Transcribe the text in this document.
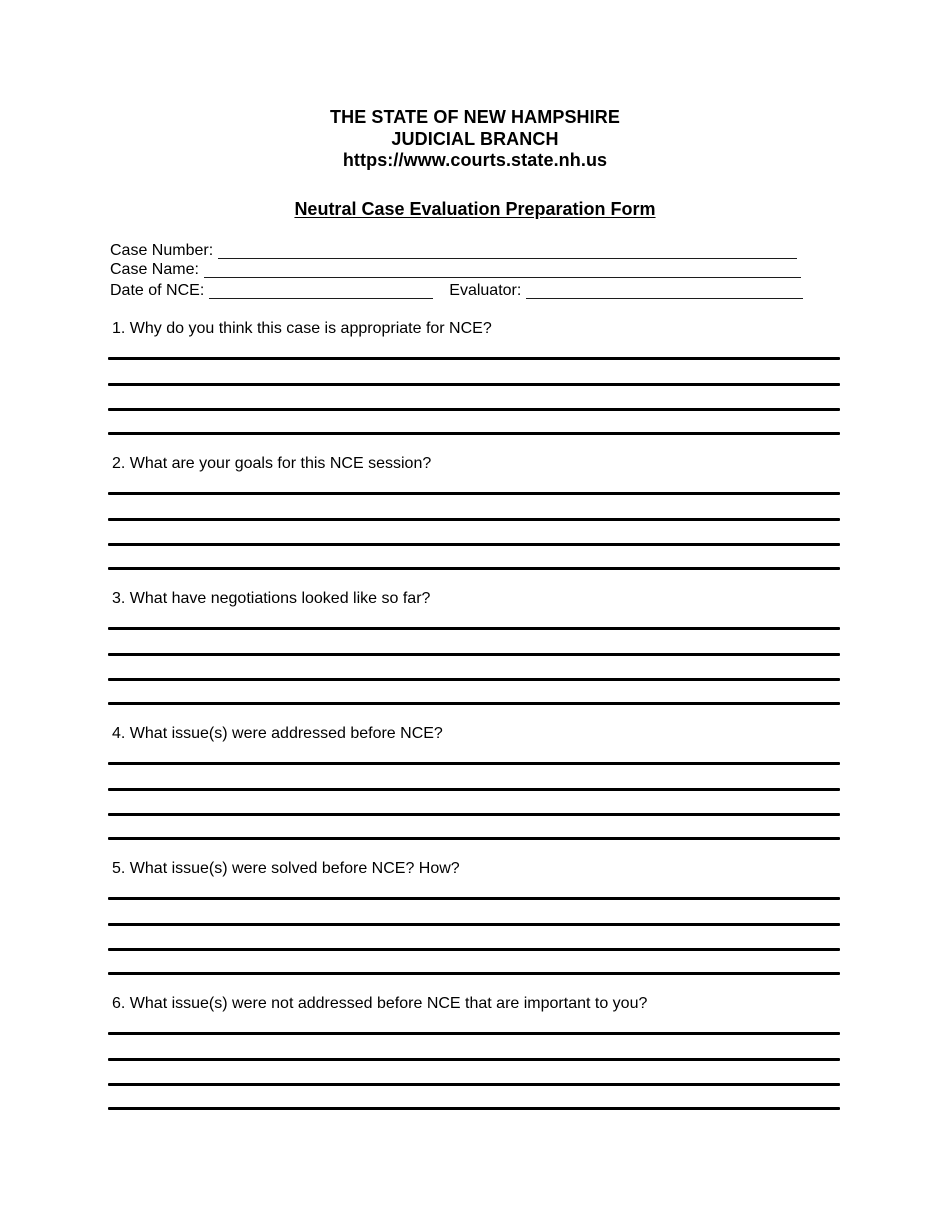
THE STATE OF NEW HAMPSHIRE
JUDICIAL BRANCH
https://www.courts.state.nh.us
Neutral Case Evaluation Preparation Form
Case Number:
Case Name:
Date of NCE:	Evaluator:
1. Why do you think this case is appropriate for NCE?
2. What are your goals for this NCE session?
3. What have negotiations looked like so far?
4. What issue(s) were addressed before NCE?
5. What issue(s) were solved before NCE? How?
6. What issue(s) were not addressed before NCE that are important to you?
